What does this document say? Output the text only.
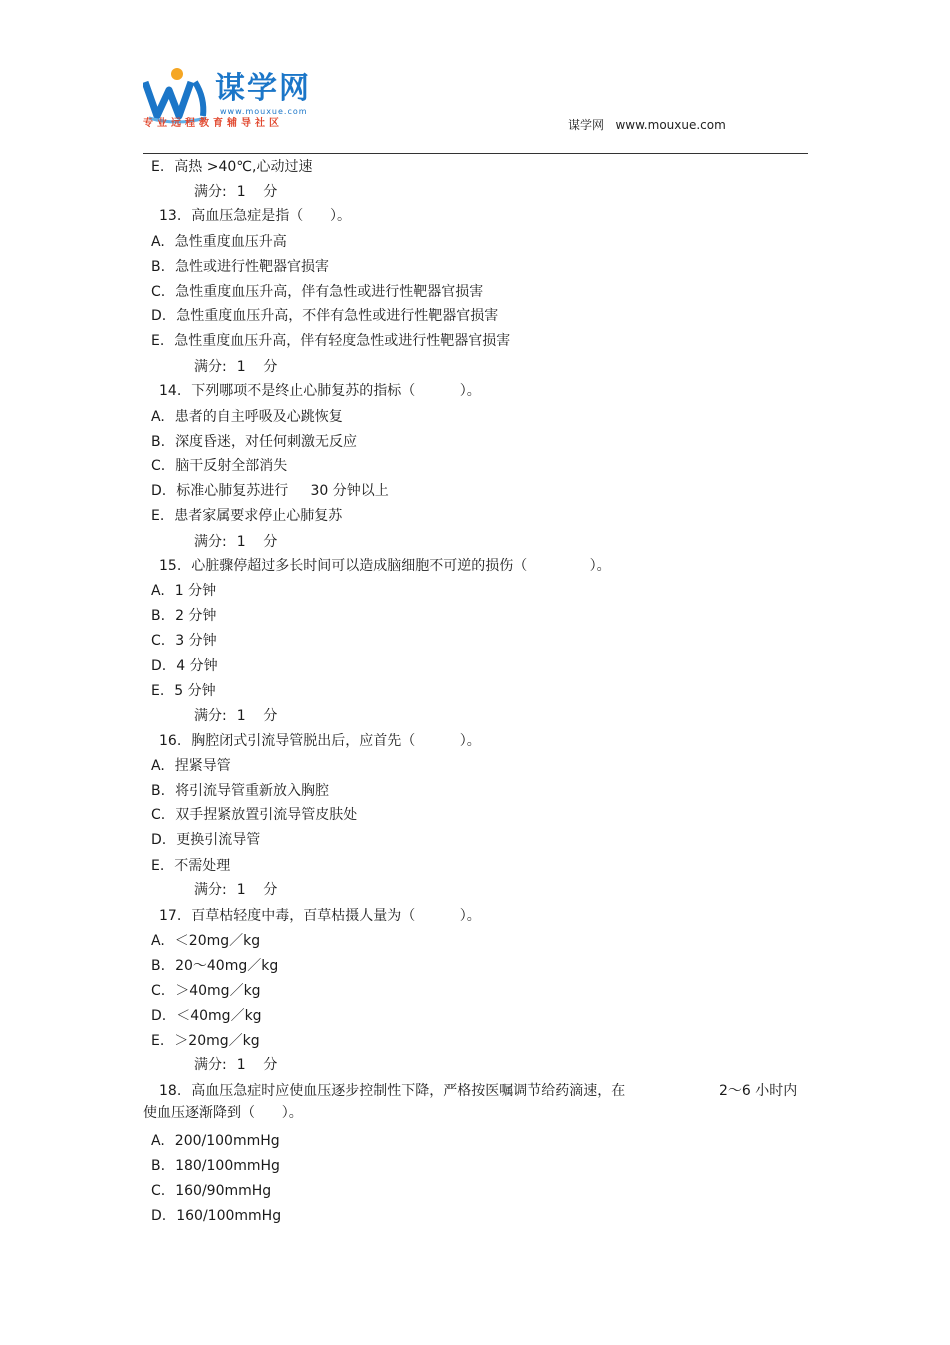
谋学网
www.mouxue.com
专业远程教育辅导社区	谋学网 www.mouxue.com
E. 高热 >40℃,心动过速
满分: 1    分
13. 高血压急症是指（      ）。
A. 急性重度血压升高
B. 急性或进行性靶器官损害
C. 急性重度血压升高，伴有急性或进行性靶器官损害
D. 急性重度血压升高，不伴有急性或进行性靶器官损害
E. 急性重度血压升高，伴有轻度急性或进行性靶器官损害
满分: 1    分
14. 下列哪项不是终止心肺复苏的指标（          ）。
A. 患者的自主呼吸及心跳恢复
B. 深度昏迷，对任何刺激无反应
C. 脑干反射全部消失
D. 标准心肺复苏进行     30 分钟以上
E. 患者家属要求停止心肺复苏
满分: 1    分
15. 心脏骤停超过多长时间可以造成脑细胞不可逆的损伤（              ）。
A. 1 分钟
B. 2 分钟
C. 3 分钟
D. 4 分钟
E. 5 分钟
满分: 1    分
16. 胸腔闭式引流导管脱出后，应首先（          ）。
A. 捏紧导管
B. 将引流导管重新放入胸腔
C. 双手捏紧放置引流导管皮肤处
D. 更换引流导管
E. 不需处理
满分: 1    分
17. 百草枯轻度中毒，百草枯摄人量为（          ）。
A. ＜20mg／kg
B. 20～40mg／kg
C. ＞40mg／kg
D. ＜40mg／kg
E. ＞20mg／kg
满分: 1    分
18. 高血压急症时应使血压逐步控制性下降，严格按医嘱调节给药滴速，在	2～6 小时内
使血压逐渐降到（      ）。
A. 200/100mmHg
B. 180/100mmHg
C. 160/90mmHg
D. 160/100mmHg
